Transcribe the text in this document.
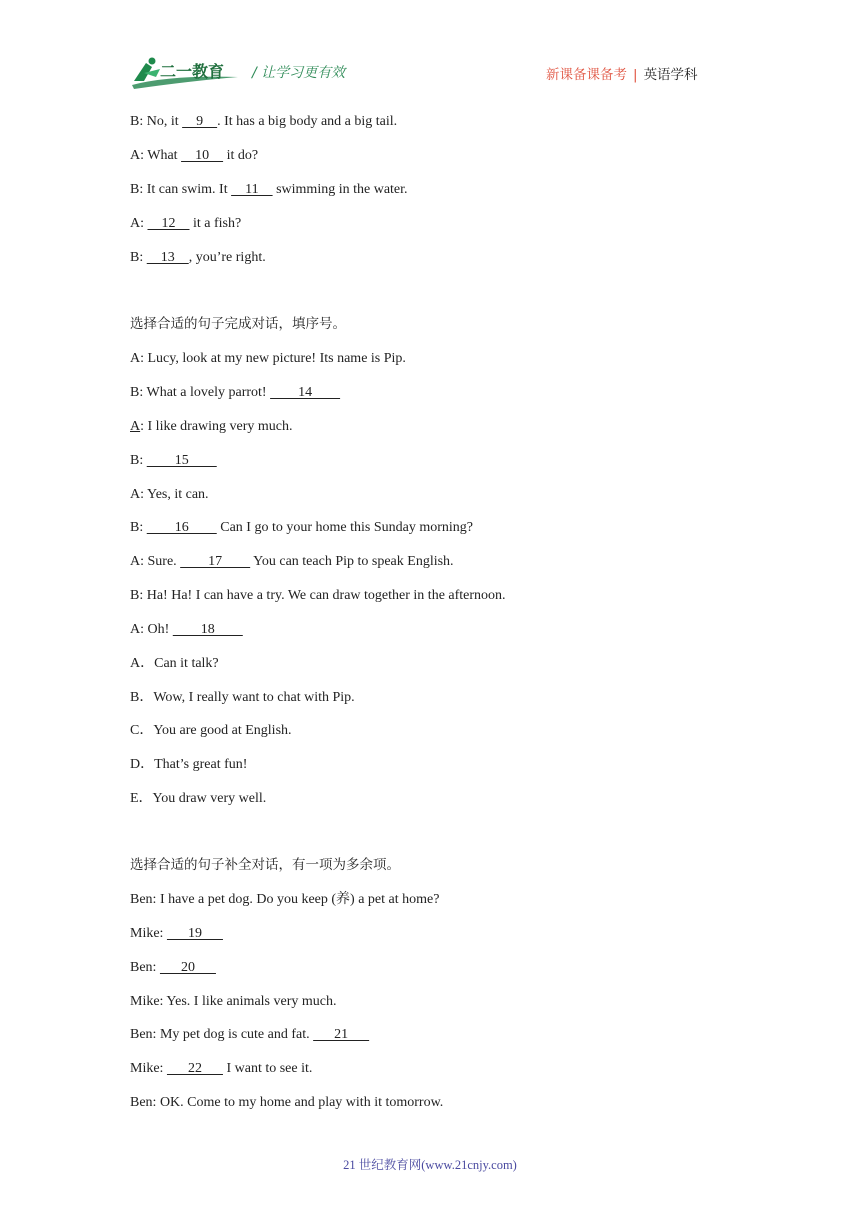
二一教育 / 让学习更有效	新课备课备考 | 英语学科
B: No, it     9    . It has a big body and a big tail.
A: What     10     it do?
B: It can swim. It     11     swimming in the water.
A:     12     it a fish?
B:     13    , you’re right.
选择合适的句子完成对话，填序号。
A: Lucy, look at my new picture! Its name is Pip.
B: What a lovely parrot!         14
A: I like drawing very much.
B:         15
A: Yes, it can.
B:         16         Can I go to your home this Sunday morning?
A: Sure.         17         You can teach Pip to speak English.
B: Ha! Ha! I can have a try. We can draw together in the afternoon.
A: Oh!         18
A．Can it talk?
B．Wow, I really want to chat with Pip.
C．You are good at English.
D．That’s great fun!
E．You draw very well.
选择合适的句子补全对话，有一项为多余项。
Ben: I have a pet dog. Do you keep (养) a pet at home?
Mike:       19
Ben:       20
Mike: Yes. I like animals very much.
Ben: My pet dog is cute and fat.       21
Mike:       22       I want to see it.
Ben: OK. Come to my home and play with it tomorrow.
21 世纪教育网(www.21cnjy.com)
